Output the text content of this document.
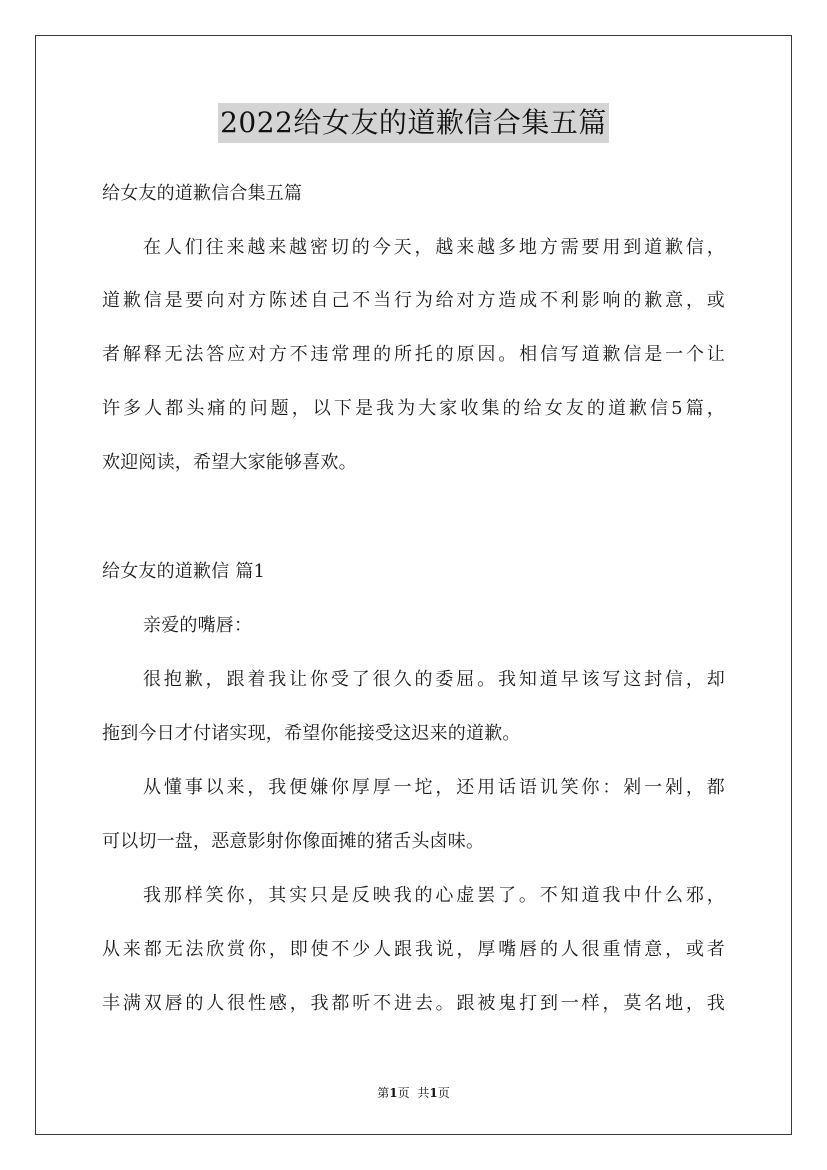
2022给女友的道歉信合集五篇
给女友的道歉信合集五篇
在人们往来越来越密切的今天，越来越多地方需要用到道歉信，
道歉信是要向对方陈述自己不当行为给对方造成不利影响的歉意，或
者解释无法答应对方不违常理的所托的原因。相信写道歉信是一个让
许多人都头痛的问题，以下是我为大家收集的给女友的道歉信5篇，
欢迎阅读，希望大家能够喜欢。
给女友的道歉信 篇1
亲爱的嘴唇：
很抱歉，跟着我让你受了很久的委屈。我知道早该写这封信，却
拖到今日才付诸实现，希望你能接受这迟来的道歉。
从懂事以来，我便嫌你厚厚一坨，还用话语讥笑你：剁一剁，都
可以切一盘，恶意影射你像面摊的猪舌头卤味。
我那样笑你，其实只是反映我的心虚罢了。不知道我中什么邪，
从来都无法欣赏你，即使不少人跟我说，厚嘴唇的人很重情意，或者
丰满双唇的人很性感，我都听不进去。跟被鬼打到一样，莫名地，我
第1页 共1页
